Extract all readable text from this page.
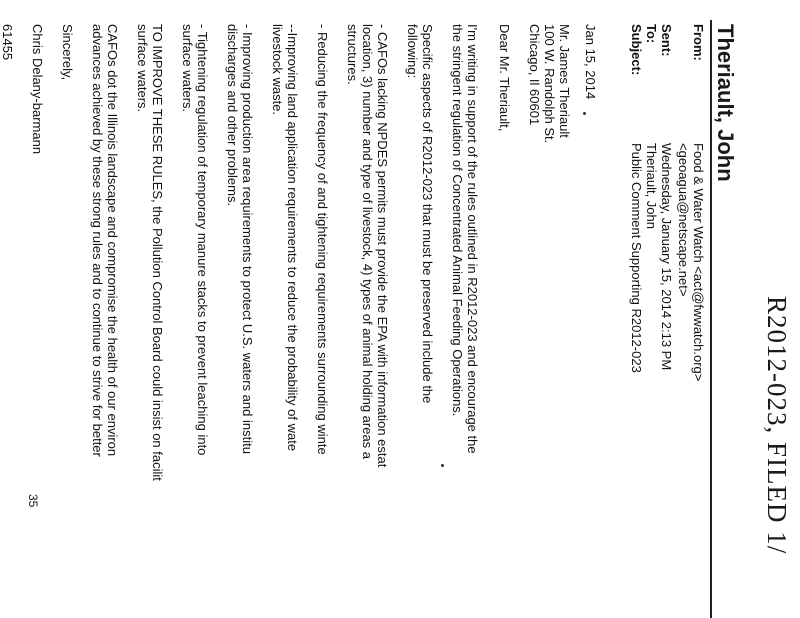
R2012-023, FILED 1/
Theriault, John
From:
Food & Water Watch <act@fwwatch.org>
<geoagua@netscape.net>
Sent:
Wednesday, January 15, 2014 2:13 PM
To:
Theriault, John
Subject:
Public Comment Supporting R2012-023
Jan 15, 2014
Mr. James Theriault
100 W. Randolph St.
Chicago, Il 60601
Dear Mr. Theriault,
I'm writing in support of the rules outlined in R2012-023 and encourage the
the stringent regulation of Concentrated Animal Feeding Operations.
Specific aspects of R2012-023 that must be preserved include the
following:
- CAFOs lacking NPDES permits must provide the EPA with information estat
location, 3) number and type of livestock, 4) types of animal holding areas a
structures.
- Reducing the frequency of and tightening requirements surrounding winte
--Improving land application requirements to reduce the probability of wate
livestock waste.
- Improving production area requirements to protect U.S. waters and institu
discharges and other problems.
- Tightening regulation of temporary manure stacks to prevent leaching into
surface waters.
TO IMPROVE THESE RULES, the Pollution Control Board could insist on facilit
surface waters.
CAFOs dot the Illinois landscape and compromise the health of our environ
advances achieved by these strong rules and to continue to strive for better
Sincerely,
Chris Delany-barmann
61455
35
